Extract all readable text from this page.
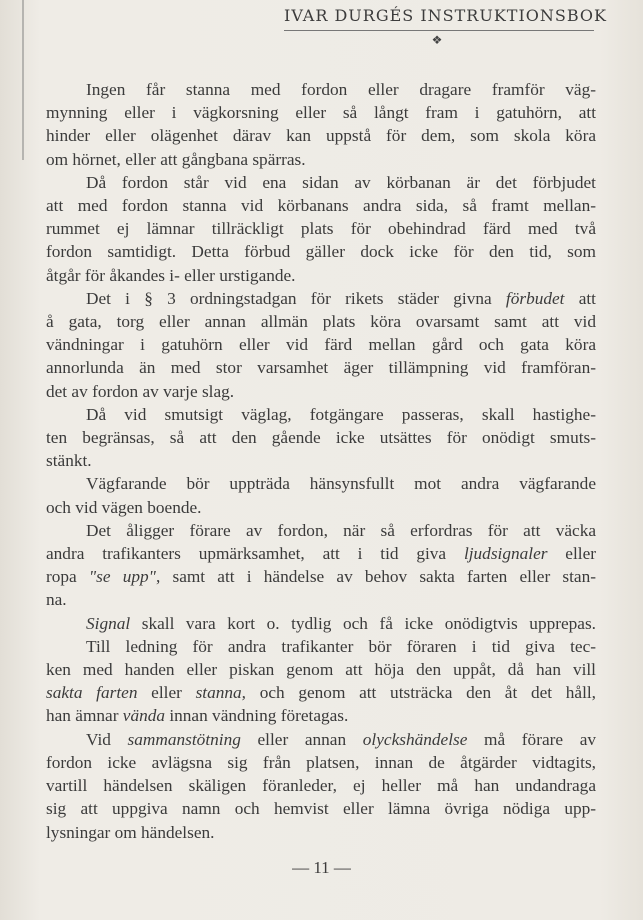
IVAR DURGÉS INSTRUKTIONSBOK
❖
Ingen får stanna med fordon eller dragare framför väg-
mynning eller i vägkorsning eller så långt fram i gatuhörn, att
hinder eller olägenhet därav kan uppstå för dem, som skola köra
om hörnet, eller att gångbana spärras.
Då fordon står vid ena sidan av körbanan är det förbjudet
att med fordon stanna vid körbanans andra sida, så framt mellan-
rummet ej lämnar tillräckligt plats för obehindrad färd med två
fordon samtidigt. Detta förbud gäller dock icke för den tid, som
åtgår för åkandes i- eller urstigande.
Det i § 3 ordningstadgan för rikets städer givna förbudet att
å gata, torg eller annan allmän plats köra ovarsamt samt att vid
vändningar i gatuhörn eller vid färd mellan gård och gata köra
annorlunda än med stor varsamhet äger tillämpning vid framföran-
det av fordon av varje slag.
Då vid smutsigt väglag, fotgängare passeras, skall hastighe-
ten begränsas, så att den gående icke utsättes för onödigt smuts-
stänkt.
Vägfarande bör uppträda hänsynsfullt mot andra vägfarande
och vid vägen boende.
Det åligger förare av fordon, när så erfordras för att väcka
andra trafikanters upmärksamhet, att i tid giva ljudsignaler eller
ropa "se upp", samt att i händelse av behov sakta farten eller stan-
na.
Signal skall vara kort o. tydlig och få icke onödigtvis upprepas.
Till ledning för andra trafikanter bör föraren i tid giva tec-
ken med handen eller piskan genom att höja den uppåt, då han vill
sakta farten eller stanna, och genom att utsträcka den åt det håll,
han ämnar vända innan vändning företagas.
Vid sammanstötning eller annan olyckshändelse må förare av
fordon icke avlägsna sig från platsen, innan de åtgärder vidtagits,
vartill händelsen skäligen föranleder, ej heller må han undandraga
sig att uppgiva namn och hemvist eller lämna övriga nödiga upp-
lysningar om händelsen.
— 11 —
